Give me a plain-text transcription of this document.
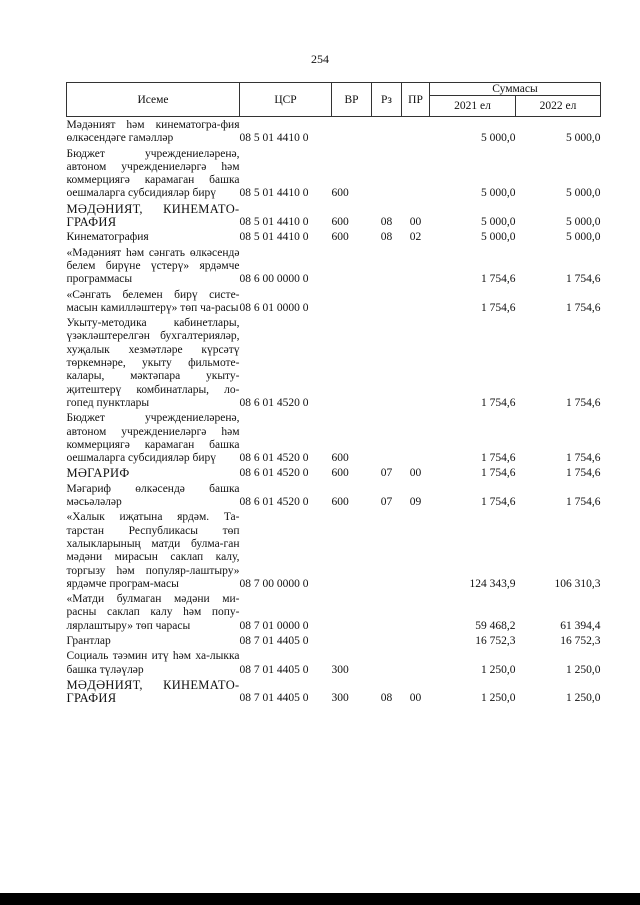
254
Исеме	ЦСР	ВР	Рз	ПР	Суммасы	
					2021 ел	2022 ел
Мәдәният һәм кинематогра-фия өлкәсендәге гамәлләр	08 5 01 4410 0				5 000,0	5 000,0
Бюджет учреждениеләренә, автоном учреждениеләргә һәм коммерциягә карамаган башка оешмаларга субсидияләр бирү	08 5 01 4410 0	600			5 000,0	5 000,0
МӘДӘНИЯТ, КИНЕМАТО-ГРАФИЯ	08 5 01 4410 0	600	08	00	5 000,0	5 000,0
Кинематография	08 5 01 4410 0	600	08	02	5 000,0	5 000,0
«Мәдәният һәм сәнгать өлкәсендә белем бирүне үстерү» ярдәмче программасы	08 6 00 0000 0				1 754,6	1 754,6
«Сәнгать белемен бирү систе-масын камилләштерү» төп ча-расы	08 6 01 0000 0				1 754,6	1 754,6
Укыту-методика кабинетлары, үзәкләштерелгән бухгалтерияләр, хуҗалык хезмәтләре күрсәтү төркемнәре, укыту фильмоте-калары, мәктәпара укыту-җитештерү комбинатлары, ло-гопед пунктлары	08 6 01 4520 0				1 754,6	1 754,6
Бюджет учреждениеләренә, автоном учреждениеләргә һәм коммерциягә карамаган башка оешмаларга субсидияләр бирү	08 6 01 4520 0	600			1 754,6	1 754,6
МӘГАРИФ	08 6 01 4520 0	600	07	00	1 754,6	1 754,6
Мәгариф өлкәсендә башка мәсьәләләр	08 6 01 4520 0	600	07	09	1 754,6	1 754,6
«Халык иҗатына ярдәм. Та-тарстан Республикасы төп халыкларының матди булма-ган мәдәни мирасын саклап калу, торгызу һәм популяр-лаштыру» ярдәмче програм-масы	08 7 00 0000 0				124 343,9	106 310,3
«Матди булмаган мәдәни ми-расны саклап калу һәм попу-лярлаштыру» төп чарасы	08 7 01 0000 0				59 468,2	61 394,4
Грантлар	08 7 01 4405 0				16 752,3	16 752,3
Социаль тәэмин итү һәм ха-лыкка башка түләүләр	08 7 01 4405 0	300			1 250,0	1 250,0
МӘДӘНИЯТ, КИНЕМАТО-ГРАФИЯ	08 7 01 4405 0	300	08	00	1 250,0	1 250,0
